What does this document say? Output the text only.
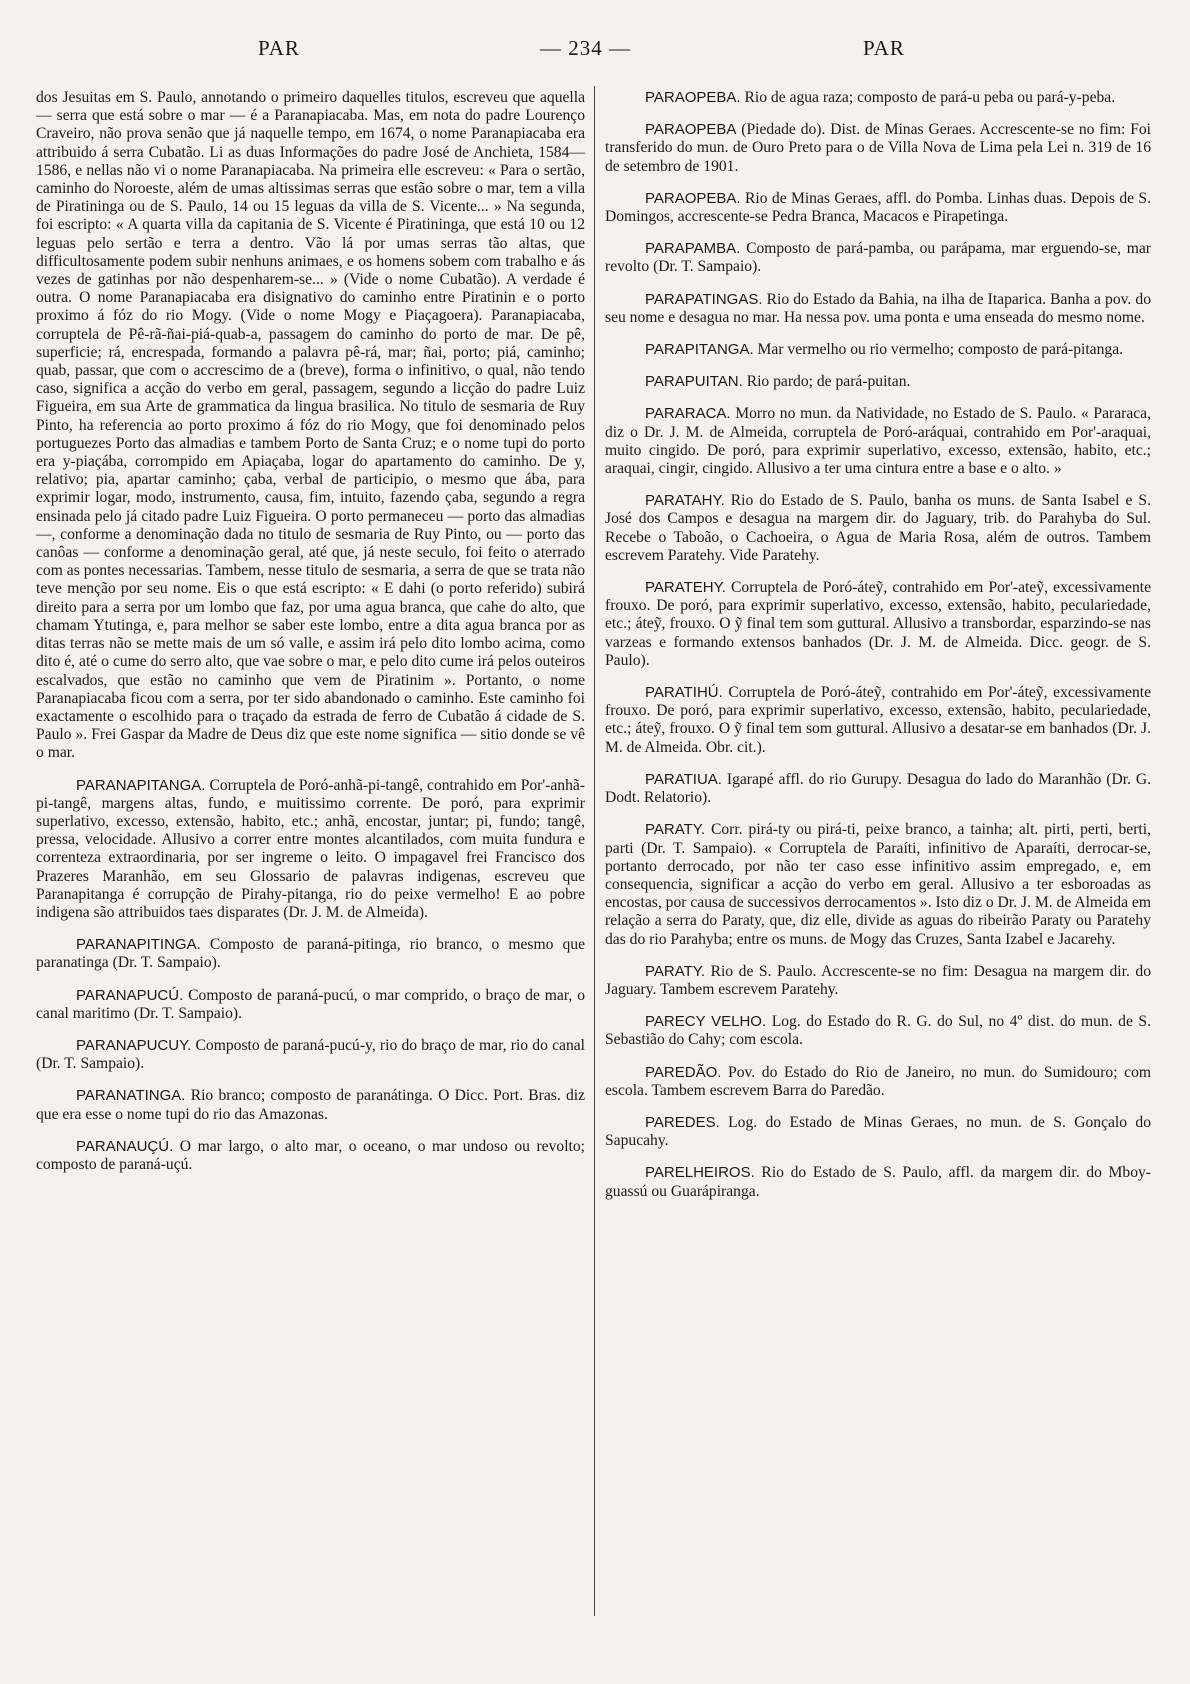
PAR	— 234 —	PAR

dos Jesuitas em S. Paulo, annotando o primeiro daquelles titulos, escreveu que aquella — serra que está sobre o mar — é a Paranapiacaba. Mas, em nota do padre Lourenço Craveiro, não prova senão que já naquelle tempo, em 1674, o nome Paranapiacaba era attribuido á serra Cubatão. Li as duas Informações do padre José de Anchieta, 1584—1586, e nellas não vi o nome Paranapiacaba. Na primeira elle escreveu: « Para o sertão, caminho do Noroeste, além de umas altissimas serras que estão sobre o mar, tem a villa de Piratininga ou de S. Paulo, 14 ou 15 leguas da villa de S. Vicente... » Na segunda, foi escripto: « A quarta villa da capitania de S. Vicente é Piratininga, que está 10 ou 12 leguas pelo sertão e terra a dentro. Vão lá por umas serras tão altas, que difficultosamente podem subir nenhuns animaes, e os homens sobem com trabalho e ás vezes de gatinhas por não despenharem-se... » (Vide o nome Cubatão). A verdade é outra. O nome Paranapiacaba era disignativo do caminho entre Piratinin e o porto proximo á fóz do rio Mogy. (Vide o nome Mogy e Piaçagoera). Paranapiacaba, corruptela de Pê-rã-ñai-piá-quab-a, passagem do caminho do porto de mar. De pê, superficie; rá, encrespada, formando a palavra pê-rá, mar; ñai, porto; piá, caminho; quab, passar, que com o accrescimo de a (breve), forma o infinitivo, o qual, não tendo caso, significa a acção do verbo em geral, passagem, segundo a licção do padre Luiz Figueira, em sua Arte de grammatica da lingua brasilica. No titulo de sesmaria de Ruy Pinto, ha referencia ao porto proximo á fóz do rio Mogy, que foi denominado pelos portuguezes Porto das almadias e tambem Porto de Santa Cruz; e o nome tupi do porto era y-piaçába, corrompido em Apiaçaba, logar do apartamento do caminho. De y, relativo; pia, apartar caminho; çaba, verbal de participio, o mesmo que ába, para exprimir logar, modo, instrumento, causa, fim, intuito, fazendo çaba, segundo a regra ensinada pelo já citado padre Luiz Figueira. O porto permaneceu — porto das almadias—, conforme a denominação dada no titulo de sesmaria de Ruy Pinto, ou — porto das canôas — conforme a denominação geral, até que, já neste seculo, foi feito o aterrado com as pontes necessarias. Tambem, nesse titulo de sesmaria, a serra de que se trata não teve menção por seu nome. Eis o que está escripto: « E dahi (o porto referido) subirá direito para a serra por um lombo que faz, por uma agua branca, que cahe do alto, que chamam Ytutinga, e, para melhor se saber este lombo, entre a dita agua branca por as ditas terras não se mette mais de um só valle, e assim irá pelo dito lombo acima, como dito é, até o cume do serro alto, que vae sobre o mar, e pelo dito cume irá pelos outeiros escalvados, que estão no caminho que vem de Piratinim ». Portanto, o nome Paranapiacaba ficou com a serra, por ter sido abandonado o caminho. Este caminho foi exactamente o escolhido para o traçado da estrada de ferro de Cubatão á cidade de S. Paulo ». Frei Gaspar da Madre de Deus diz que este nome significa — sitio donde se vê o mar.

PARANAPITANGA. Corruptela de Poró-anhã-pi-tangê, contrahido em Por'-anhã-pi-tangê, margens altas, fundo, e muitissimo corrente. De poró, para exprimir superlativo, excesso, extensão, habito, etc.; anhã, encostar, juntar; pi, fundo; tangê, pressa, velocidade. Allusivo a correr entre montes alcantilados, com muita fundura e correnteza extraordinaria, por ser ingreme o leito. O impagavel frei Francisco dos Prazeres Maranhão, em seu Glossario de palavras indigenas, escreveu que Paranapitanga é corrupção de Pirahy-pitanga, rio do peixe vermelho! E ao pobre indigena são attribuidos taes disparates (Dr. J. M. de Almeida).

PARANAPITINGA. Composto de paraná-pitinga, rio branco, o mesmo que paranatinga (Dr. T. Sampaio).

PARANAPUCÚ. Composto de paraná-pucú, o mar comprido, o braço de mar, o canal maritimo (Dr. T. Sampaio).

PARANAPUCUY. Composto de paraná-pucú-y, rio do braço de mar, rio do canal (Dr. T. Sampaio).

PARANATINGA. Rio branco; composto de paranátinga. O Dicc. Port. Bras. diz que era esse o nome tupi do rio das Amazonas.

PARANAUÇÚ. O mar largo, o alto mar, o oceano, o mar undoso ou revolto; composto de paraná-uçú.

PARAOPEBA. Rio de agua raza; composto de pará-u peba ou pará-y-peba.

PARAOPEBA (Piedade do). Dist. de Minas Geraes. Accrescente-se no fim: Foi transferido do mun. de Ouro Preto para o de Villa Nova de Lima pela Lei n. 319 de 16 de setembro de 1901.

PARAOPEBA. Rio de Minas Geraes, affl. do Pomba. Linhas duas. Depois de S. Domingos, accrescente-se Pedra Branca, Macacos e Pirapetinga.

PARAPAMBA. Composto de pará-pamba, ou parápama, mar erguendo-se, mar revolto (Dr. T. Sampaio).

PARAPATINGAS. Rio do Estado da Bahia, na ilha de Itaparica. Banha a pov. do seu nome e desagua no mar. Ha nessa pov. uma ponta e uma enseada do mesmo nome.

PARAPITANGA. Mar vermelho ou rio vermelho; composto de pará-pitanga.

PARAPUITAN. Rio pardo; de pará-puitan.

PARARACA. Morro no mun. da Natividade, no Estado de S. Paulo. « Pararaca, diz o Dr. J. M. de Almeida, corruptela de Poró-aráquai, contrahido em Por'-araquai, muito cingido. De poró, para exprimir superlativo, excesso, extensão, habito, etc.; araquai, cingir, cingido. Allusivo a ter uma cintura entre a base e o alto. »

PARATAHY. Rio do Estado de S. Paulo, banha os muns. de Santa Isabel e S. José dos Campos e desagua na margem dir. do Jaguary, trib. do Parahyba do Sul. Recebe o Taboão, o Cachoeira, o Agua de Maria Rosa, além de outros. Tambem escrevem Paratehy. Vide Paratehy.

PARATEHY. Corruptela de Poró-áteỹ, contrahido em Por'-ateỹ, excessivamente frouxo. De poró, para exprimir superlativo, excesso, extensão, habito, peculariedade, etc.; áteỹ, frouxo. O ỹ final tem som guttural. Allusivo a transbordar, esparzindo-se nas varzeas e formando extensos banhados (Dr. J. M. de Almeida. Dicc. geogr. de S. Paulo).

PARATIHÚ. Corruptela de Poró-áteỹ, contrahido em Por'-áteỹ, excessivamente frouxo. De poró, para exprimir superlativo, excesso, extensão, habito, peculariedade, etc.; áteỹ, frouxo. O ỹ final tem som guttural. Allusivo a desatar-se em banhados (Dr. J. M. de Almeida. Obr. cit.).

PARATIUA. Igarapé affl. do rio Gurupy. Desagua do lado do Maranhão (Dr. G. Dodt. Relatorio).

PARATY. Corr. pirá-ty ou pirá-ti, peixe branco, a tainha; alt. pirti, perti, berti, parti (Dr. T. Sampaio). « Corruptela de Paraíti, infinitivo de Aparaíti, derrocar-se, portanto derrocado, por não ter caso esse infinitivo assim empregado, e, em consequencia, significar a acção do verbo em geral. Allusivo a ter esboroadas as encostas, por causa de successivos derrocamentos ». Isto diz o Dr. J. M. de Almeida em relação a serra do Paraty, que, diz elle, divide as aguas do ribeirão Paraty ou Paratehy das do rio Parahyba; entre os muns. de Mogy das Cruzes, Santa Izabel e Jacarehy.

PARATY. Rio de S. Paulo. Accrescente-se no fim: Desagua na margem dir. do Jaguary. Tambem escrevem Paratehy.

PARECY VELHO. Log. do Estado do R. G. do Sul, no 4º dist. do mun. de S. Sebastião do Cahy; com escola.

PAREDÃO. Pov. do Estado do Rio de Janeiro, no mun. do Sumidouro; com escola. Tambem escrevem Barra do Paredão.

PAREDES. Log. do Estado de Minas Geraes, no mun. de S. Gonçalo do Sapucahy.

PARELHEIROS. Rio do Estado de S. Paulo, affl. da margem dir. do Mboy-guassú ou Guarápiranga.
